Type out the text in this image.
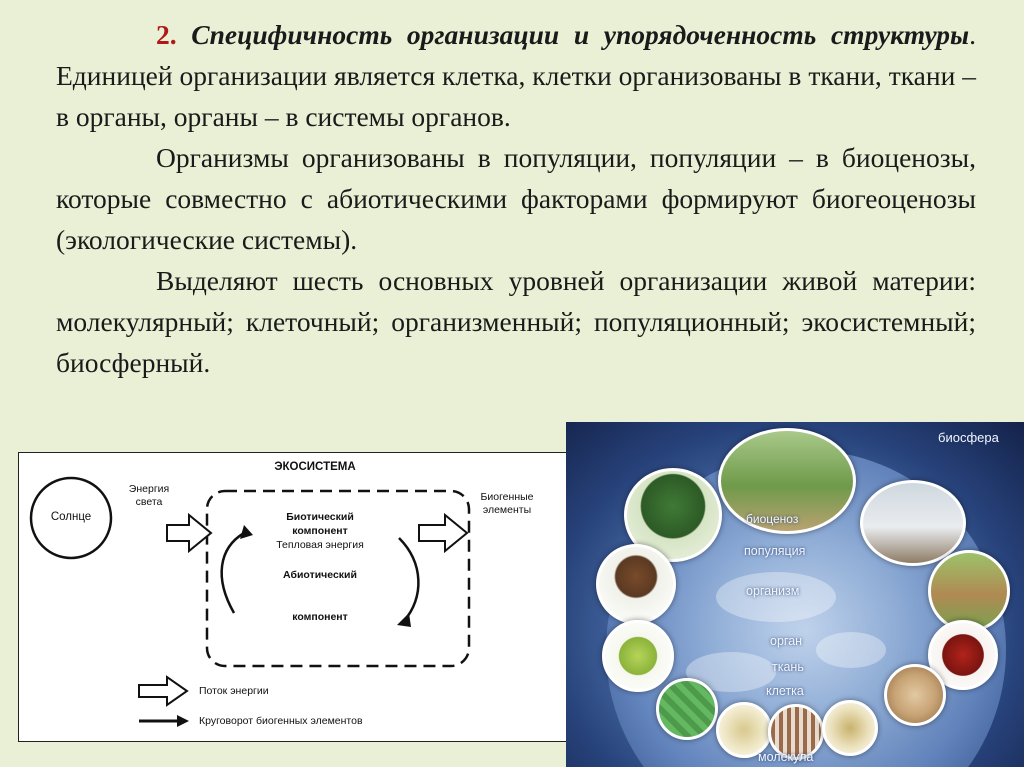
2. Специфичность организации и упорядоченность структуры. Единицей организации является клетка, клетки организованы в ткани, ткани – в органы, органы – в системы органов.

Организмы организованы в популяции, популяции – в биоценозы, которые совместно с абиотическими факторами формируют биогеоценозы (экологические системы).

Выделяют шесть основных уровней организации живой материи: молекулярный; клеточный; организменный; популяционный; экосистемный; биосферный.

ЭКОСИСТЕМА
Солнце
Энергия
света	Биогенные
элементы
Биотический
компонент
Тепловая энергия
Абиотический
компонент
Поток энергии
Круговорот биогенных элементов
биосфера
биоценоз
популяция
организм
орган
ткань
клетка
молекула
